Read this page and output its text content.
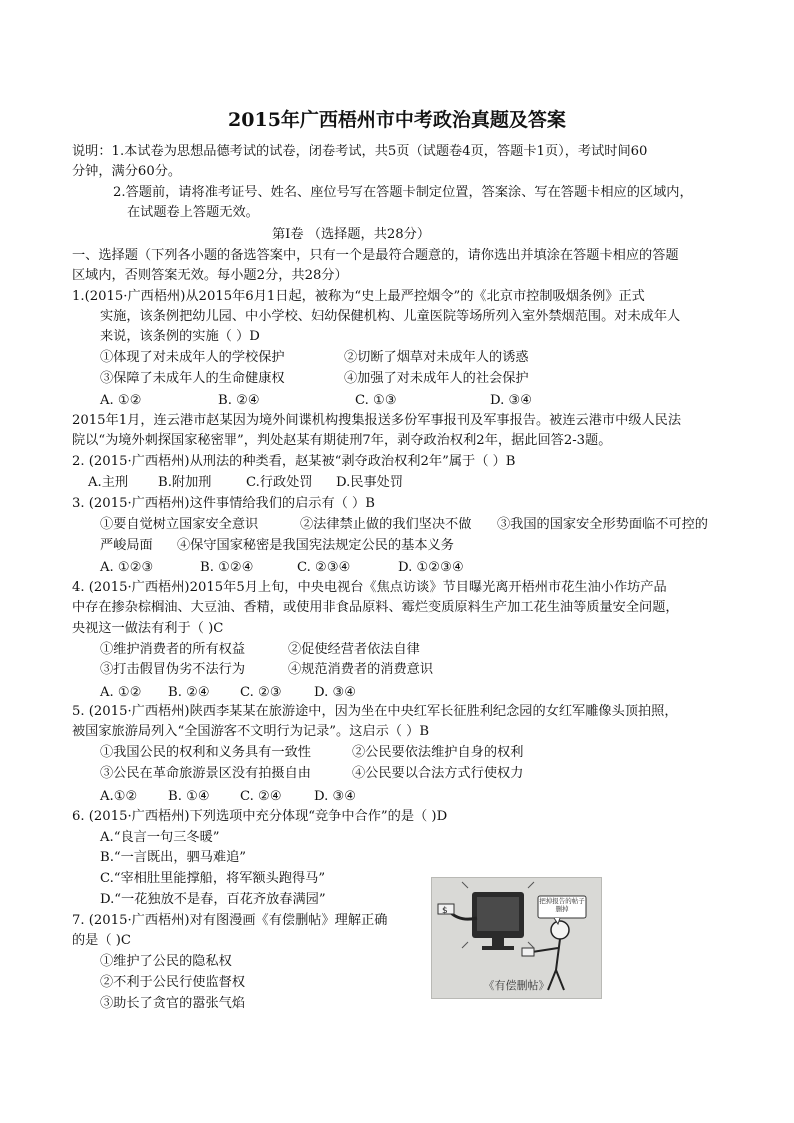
2015年广西梧州市中考政治真题及答案
说明：1.本试卷为思想品德考试的试卷，闭卷考试，共5页（试题卷4页，答题卡1页），考试时间60
分钟，满分60分。
2.答题前，请将准考证号、姓名、座位号写在答题卡制定位置，答案涂、写在答题卡相应的区域内，
在试题卷上答题无效。
第Ⅰ卷 （选择题，共28分）
一、选择题（下列各小题的备选答案中，只有一个是最符合题意的，请你选出并填涂在答题卡相应的答题
区域内，否则答案无效。每小题2分，共28分）
1.(2015·广西梧州)从2015年6月1日起，被称为“史上最严控烟令”的《北京市控制吸烟条例》正式
实施，该条例把幼儿园、中小学校、妇幼保健机构、儿童医院等场所列入室外禁烟范围。对未成年人
来说，该条例的实施（ ）D
①体现了对未成年人的学校保护	②切断了烟草对未成年人的诱惑
③保障了未成年人的生命健康权	④加强了对未成年人的社会保护
A. ①②	B. ②④	C. ①③	D. ③④
2015年1月，连云港市赵某因为境外间谍机构搜集报送多份军事报刊及军事报告。被连云港市中级人民法
院以“为境外刺探国家秘密罪”，判处赵某有期徒刑7年，剥夺政治权利2年，据此回答2-3题。
2. (2015·广西梧州)从刑法的种类看，赵某被“剥夺政治权利2年”属于（ ）B
A.主刑 B.附加刑	C.行政处罚 D.民事处罚
3. (2015·广西梧州)这件事情给我们的启示有（ ）B
①要自觉树立国家安全意识	②法律禁止做的我们坚决不做 ③我国的国家安全形势面临不可控的
严峻局面 ④保守国家秘密是我国宪法规定公民的基本义务
A. ①②③	B. ①②④	C. ②③④	D. ①②③④
4. (2015·广西梧州)2015年5月上旬，中央电视台《焦点访谈》节目曝光离开梧州市花生油小作坊产品
中存在掺杂棕榈油、大豆油、香精，或使用非食品原料、霉烂变质原料生产加工花生油等质量安全问题，
央视这一做法有利于（ )C
①维护消费者的所有权益	②促使经营者依法自律
③打击假冒伪劣不法行为	④规范消费者的消费意识
A. ①② B. ②④ C. ②③ D. ③④
5. (2015·广西梧州)陕西李某某在旅游途中，因为坐在中央红军长征胜利纪念园的女红军雕像头顶拍照，
被国家旅游局列入“全国游客不文明行为记录”。这启示（ ）B
①我国公民的权利和义务具有一致性	②公民要依法维护自身的权利
③公民在革命旅游景区没有拍摄自由	④公民要以合法方式行使权力
A.①② B. ①④ C. ②④ D. ③④
6. (2015·广西梧州)下列选项中充分体现“竞争中合作”的是（ )D
A.“良言一句三冬暖”
B.“一言既出，驷马难追”
C.“宰相肚里能撑船，将军额头跑得马”
D.“一花独放不是春，百花齐放春满园”
7. (2015·广西梧州)对有图漫画《有偿删帖》理解正确
的是（ )C
①维护了公民的隐私权
②不利于公民行使监督权
③助长了贪官的嚣张气焰
$
把掉报告的帖子删掉
《有偿删帖》
